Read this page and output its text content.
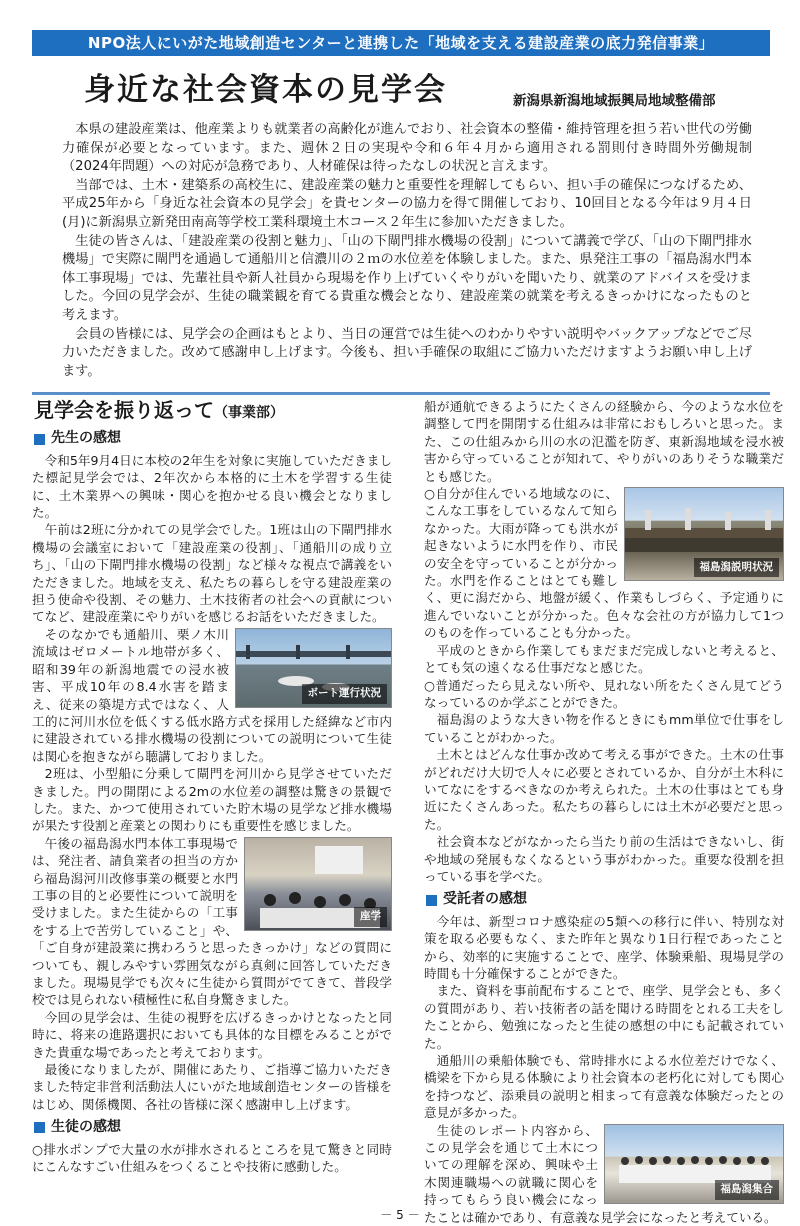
NPO法人にいがた地域創造センターと連携した「地域を支える建設産業の底力発信事業」
身近な社会資本の見学会	新潟県新潟地域振興局地域整備部

本県の建設産業は、他産業よりも就業者の高齢化が進んでおり、社会資本の整備・維持管理を担う若い世代の労働力確保が必要となっています。また、週休２日の実現や令和６年４月から適用される罰則付き時間外労働規制（2024年問題）への対応が急務であり、人材確保は待ったなしの状況と言えます。

当部では、土木・建築系の高校生に、建設産業の魅力と重要性を理解してもらい、担い手の確保につなげるため、平成25年から「身近な社会資本の見学会」を貴センターの協力を得て開催しており、10回目となる今年は９月４日(月)に新潟県立新発田南高等学校工業科環境土木コース２年生に参加いただきました。

生徒の皆さんは、「建設産業の役割と魅力」、「山の下閘門排水機場の役割」について講義で学び、「山の下閘門排水機場」で実際に閘門を通過して通船川と信濃川の２ｍの水位差を体験しました。また、県発注工事の「福島潟水門本体工事現場」では、先輩社員や新人社員から現場を作り上げていくやりがいを聞いたり、就業のアドバイスを受けました。今回の見学会が、生徒の職業観を育てる貴重な機会となり、建設産業の就業を考えるきっかけになったものと考えます。

会員の皆様には、見学会の企画はもとより、当日の運営では生徒へのわかりやすい説明やバックアップなどでご尽力いただきました。改めて感謝申し上げます。今後も、担い手確保の取組にご協力いただけますようお願い申し上げます。

見学会を振り返って（事業部）
先生の感想

令和5年9月4日に本校の2年生を対象に実施していただきました標記見学会では、2年次から本格的に土木を学習する生徒に、土木業界への興味・関心を抱かせる良い機会となりました。

午前は2班に分かれての見学会でした。1班は山の下閘門排水機場の会議室において「建設産業の役割」、「通船川の成り立ち」、「山の下閘門排水機場の役割」など様々な視点で講義をいただきました。地域を支え、私たちの暮らしを守る建設産業の担う使命や役割、その魅力、土木技術者の社会への貢献についてなど、建設産業にやりがいを感じるお話をいただきました。

ボート運行状況

そのなかでも通船川、栗ノ木川流域はゼロメートル地帯が多く、昭和39年の新潟地震での浸水被害、平成10年の8.4水害を踏まえ、従来の築堤方式ではなく、人工的に河川水位を低くする低水路方式を採用した経緯など市内に建設されている排水機場の役割についての説明について生徒は関心を抱きながら聴講しておりました。

2班は、小型船に分乗して閘門を河川から見学させていただきました。門の開閉による2mの水位差の調整は驚きの景観でした。また、かつて使用されていた貯木場の見学など排水機場が果たす役割と産業との関わりにも重要性を感じました。

座学

午後の福島潟水門本体工事現場では、発注者、請負業者の担当の方から福島潟河川改修事業の概要と水門工事の目的と必要性について説明を受けました。また生徒からの「工事をする上で苦労していること」や、「ご自身が建設業に携わろうと思ったきっかけ」などの質問についても、親しみやすい雰囲気ながら真剣に回答していただきました。現場見学でも次々に生徒から質問がでてきて、普段学校では見られない積極性に私自身驚きました。

今回の見学会は、生徒の視野を広げるきっかけとなったと同時に、将来の進路選択においても具体的な目標をみることができた貴重な場であったと考えております。

最後になりましたが、開催にあたり、ご指導ご協力いただきました特定非営利活動法人にいがた地域創造センターの皆様をはじめ、関係機関、各社の皆様に深く感謝申し上げます。

生徒の感想

○排水ポンプで大量の水が排水されるところを見て驚きと同時にこんなすごい仕組みをつくることや技術に感動した。

船が通航できるようにたくさんの経験から、今のような水位を調整して門を開閉する仕組みは非常におもしろいと思った。また、この仕組みから川の水の氾濫を防ぎ、東新潟地域を浸水被害から守っていることが知れて、やりがいのありそうな職業だとも感じた。

福島潟説明状況

○自分が住んでいる地域なのに、こんな工事をしているなんて知らなかった。大雨が降っても洪水が起きないように水門を作り、市民の安全を守っていることが分かった。水門を作ることはとても難しく、更に潟だから、地盤が緩く、作業もしづらく、予定通りに進んでいないことが分かった。色々な会社の方が協力して1つのものを作っていることも分かった。

平成のときから作業してもまだまだ完成しないと考えると、とても気の遠くなる仕事だなと感じた。

○普通だったら見えない所や、見れない所をたくさん見てどうなっているのか学ぶことができた。

福島潟のような大きい物を作るときにもmm単位で仕事をしていることがわかった。

土木とはどんな仕事か改めて考える事ができた。土木の仕事がどれだけ大切で人々に必要とされているか、自分が土木科にいてなにをするべきなのか考えられた。土木の仕事はとても身近にたくさんあった。私たちの暮らしには土木が必要だと思った。

社会資本などがなかったら当たり前の生活はできないし、街や地域の発展もなくなるという事がわかった。重要な役割を担っている事を学べた。

受託者の感想

今年は、新型コロナ感染症の5類への移行に伴い、特別な対策を取る必要もなく、また昨年と異なり1日行程であったことから、効率的に実施することで、座学、体験乗船、現場見学の時間も十分確保することができた。

また、資料を事前配布することで、座学、見学会とも、多くの質問があり、若い技術者の話を聞ける時間をとれる工夫をしたことから、勉強になったと生徒の感想の中にも記載されていた。

通船川の乗船体験でも、常時排水による水位差だけでなく、橋梁を下から見る体験により社会資本の老朽化に対しても関心を持つなど、添乗員の説明と相まって有意義な体験だったとの意見が多かった。

福島潟集合

生徒のレポート内容から、この見学会を通じて土木についての理解を深め、興味や土木関連職場への就職に関心を持ってもらう良い機会になったことは確かであり、有意義な見学会になったと考えている。

－ 5 －
